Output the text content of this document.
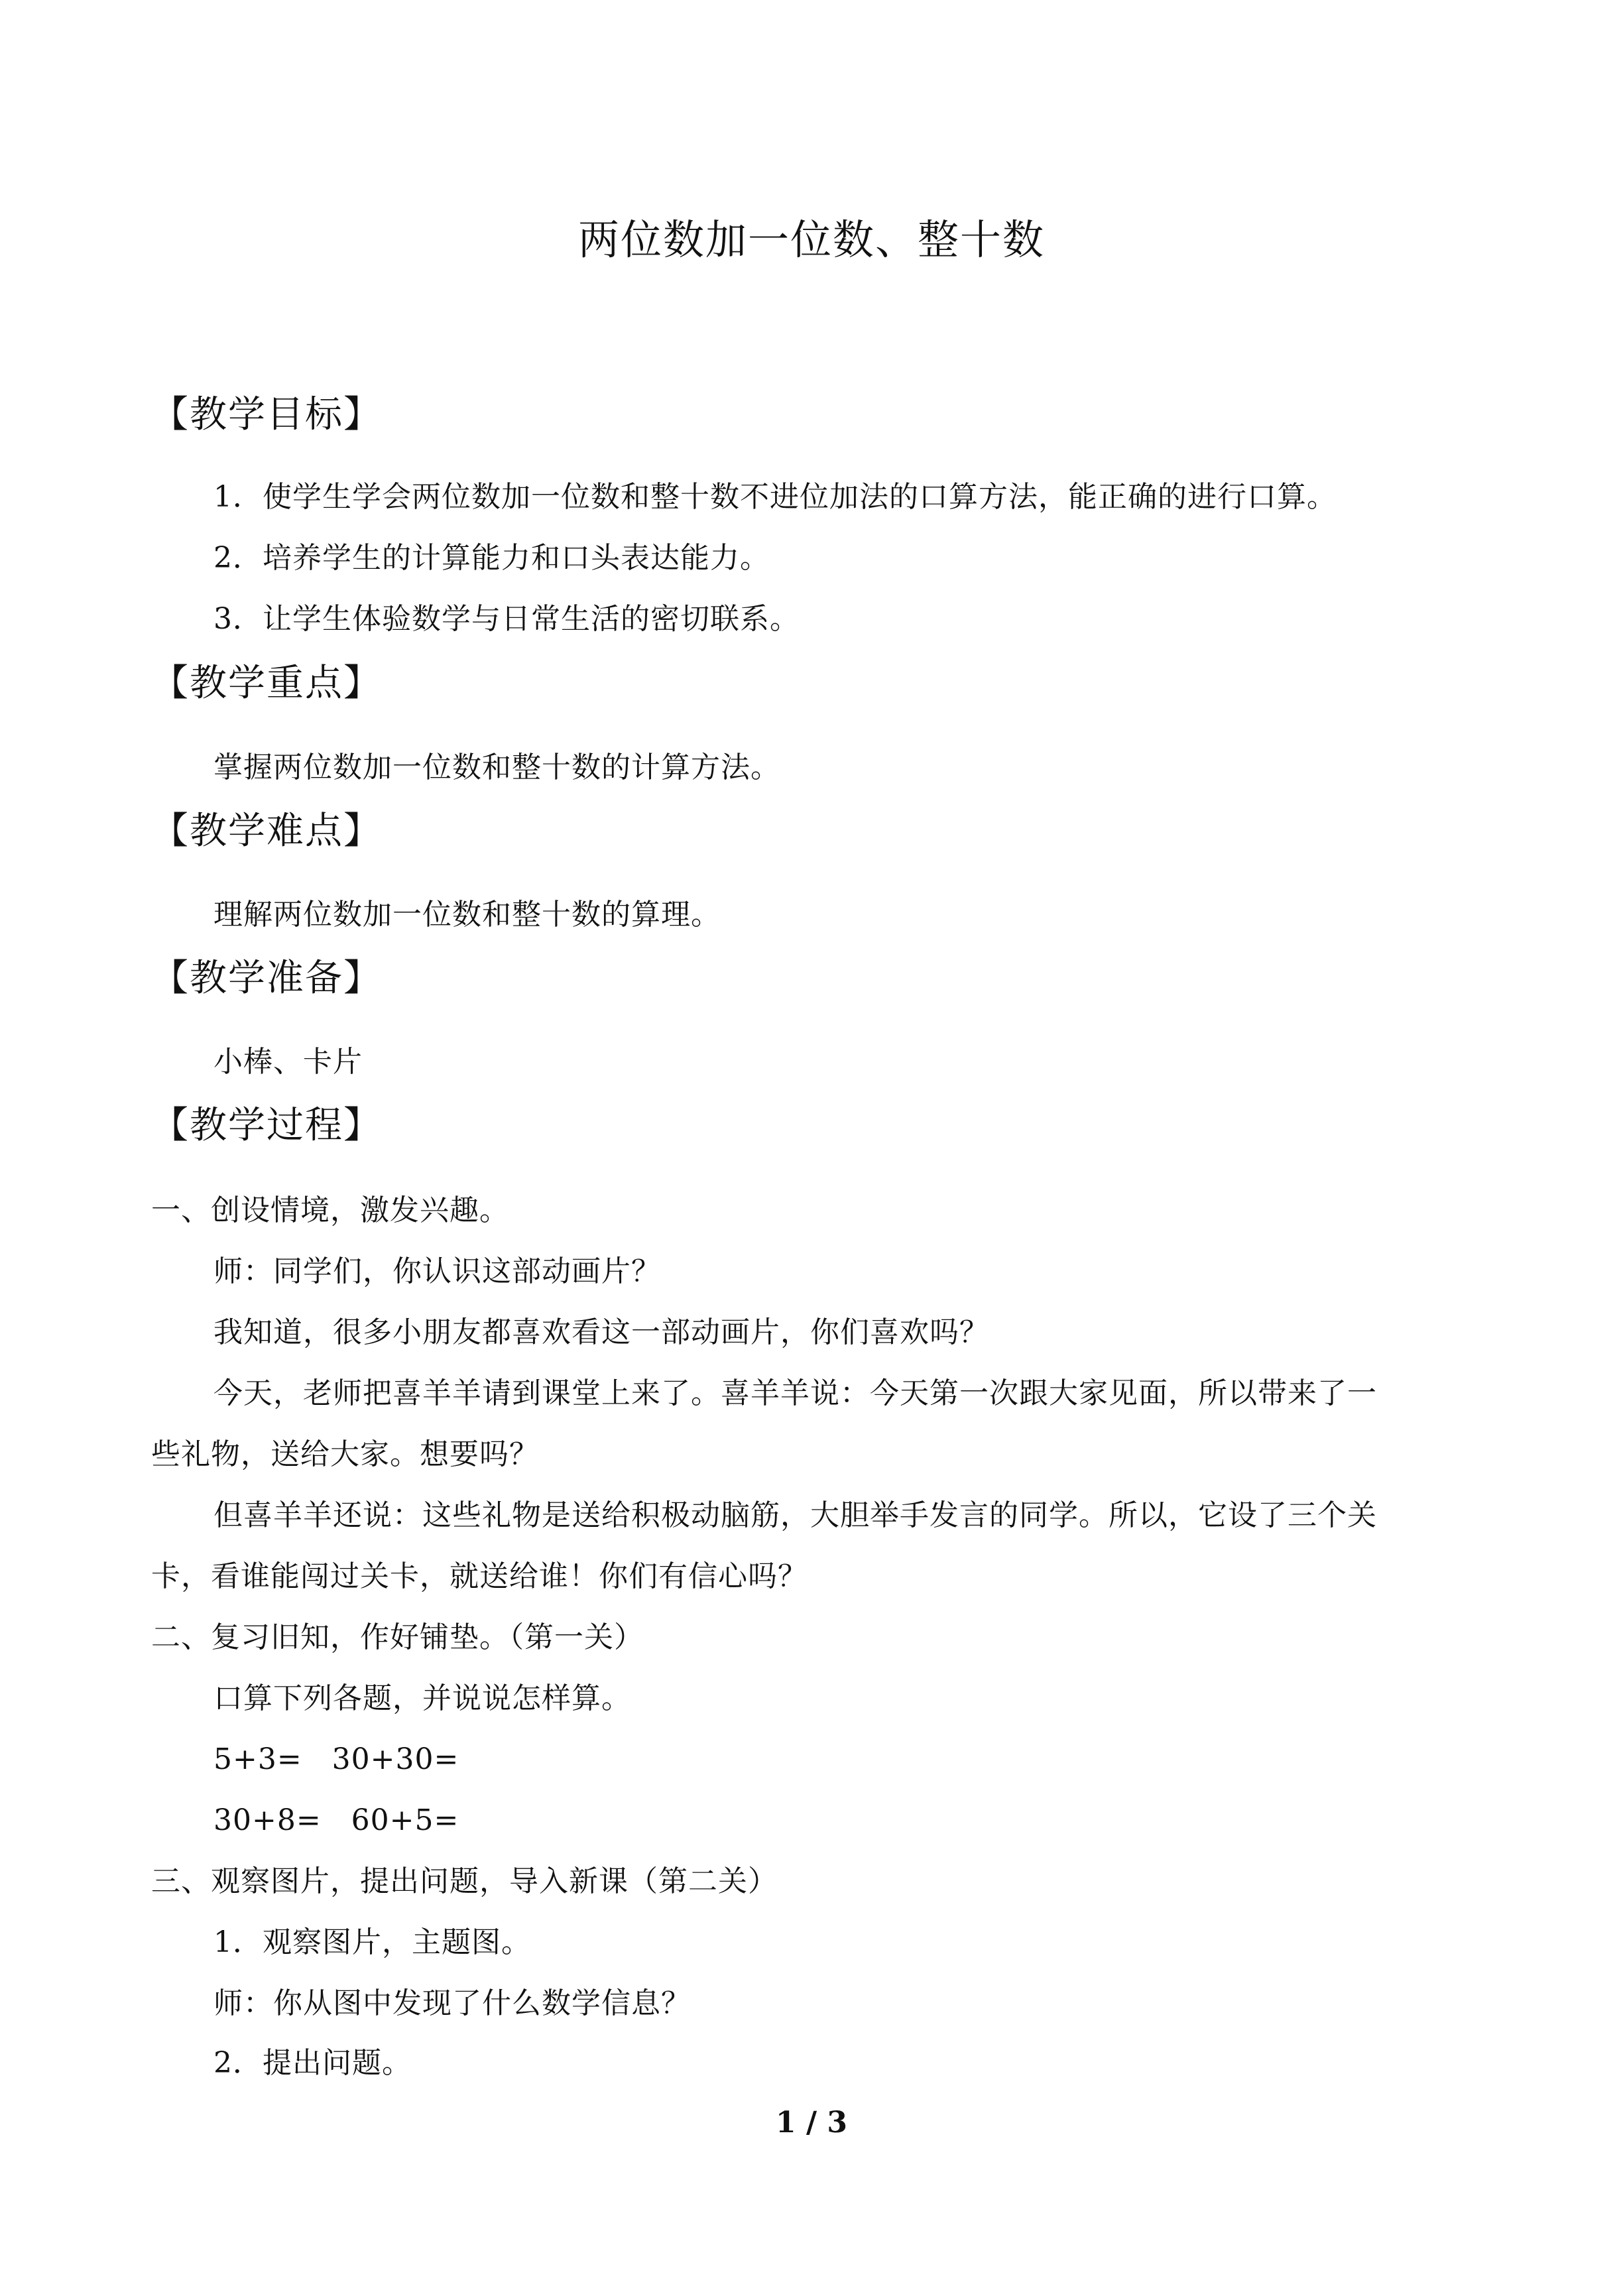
两位数加一位数、整十数
【教学目标】
1．使学生学会两位数加一位数和整十数不进位加法的口算方法，能正确的进行口算。
2．培养学生的计算能力和口头表达能力。
3．让学生体验数学与日常生活的密切联系。
【教学重点】
掌握两位数加一位数和整十数的计算方法。
【教学难点】
理解两位数加一位数和整十数的算理。
【教学准备】
小棒、卡片
【教学过程】
一、创设情境，激发兴趣。
师：同学们，你认识这部动画片？
我知道，很多小朋友都喜欢看这一部动画片，你们喜欢吗？
今天，老师把喜羊羊请到课堂上来了。喜羊羊说：今天第一次跟大家见面，所以带来了一
些礼物，送给大家。想要吗？
但喜羊羊还说：这些礼物是送给积极动脑筋，大胆举手发言的同学。所以，它设了三个关
卡，看谁能闯过关卡，就送给谁！你们有信心吗？
二、复习旧知，作好铺垫。（第一关）
口算下列各题，并说说怎样算。
5+3=   30+30=
30+8=   60+5=
三、观察图片，提出问题，导入新课（第二关）
1．观察图片，主题图。
师：你从图中发现了什么数学信息？
2．提出问题。
1 / 3
